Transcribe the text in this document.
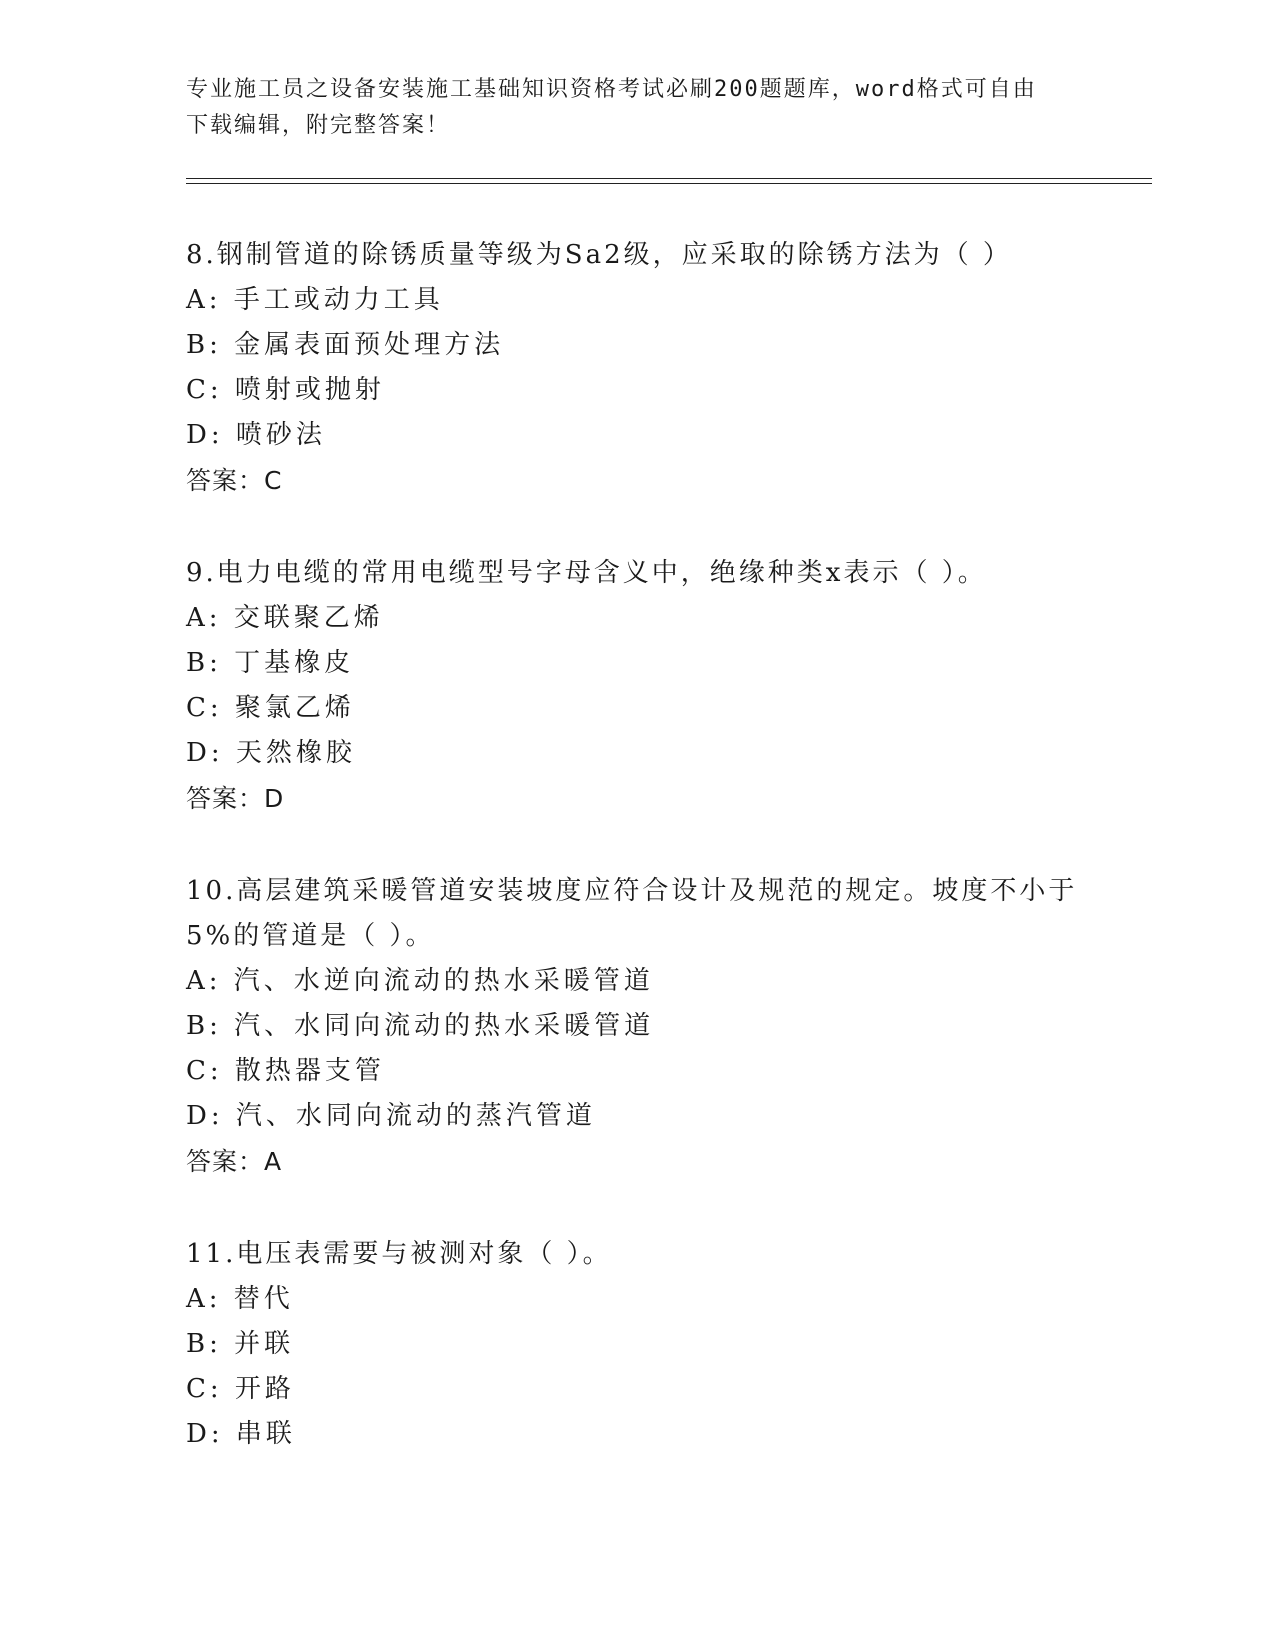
专业施工员之设备安装施工基础知识资格考试必刷200题题库，word格式可自由
下载编辑，附完整答案！

8.钢制管道的除锈质量等级为Sa2级，应采取的除锈方法为（ ）

A: 手工或动力工具

B: 金属表面预处理方法

C: 喷射或抛射

D: 喷砂法

答案：C

9.电力电缆的常用电缆型号字母含义中，绝缘种类x表示（ ）。

A: 交联聚乙烯

B: 丁基橡皮

C: 聚氯乙烯

D: 天然橡胶

答案：D

10.高层建筑采暖管道安装坡度应符合设计及规范的规定。坡度不小于5%的管道是（ ）。

A: 汽、水逆向流动的热水采暖管道

B: 汽、水同向流动的热水采暖管道

C: 散热器支管

D: 汽、水同向流动的蒸汽管道

答案：A

11.电压表需要与被测对象（ ）。

A: 替代

B: 并联

C: 开路

D: 串联
